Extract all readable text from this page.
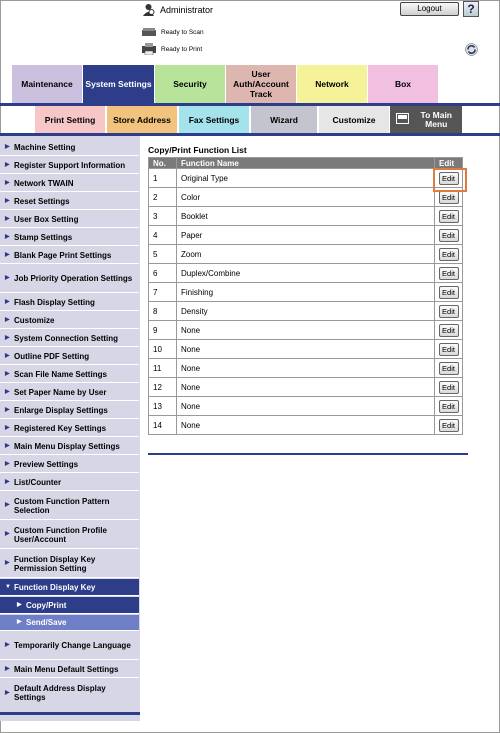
Administrator	Logout	?
Ready to Scan
Ready to Print
Maintenance System Settings	Security
User
Auth/Account
Track
Network	Box
Print Setting Store Address Fax Settings	Wizard	Customize	To Main
Menu
▶ Machine Setting
▶ Register Support Information
▶ Network TWAIN
▶ Reset Settings
▶ User Box Setting
▶ Stamp Settings
▶ Blank Page Print Settings
▶ Job Priority Operation Settings
▶ Flash Display Setting
▶ Customize
▶ System Connection Setting
▶ Outline PDF Setting
▶ Scan File Name Settings
▶ Set Paper Name by User
▶ Enlarge Display Settings
▶ Registered Key Settings
▶ Main Menu Display Settings
▶ Preview Settings
▶ List/Counter
▶ Custom Function Pattern Selection
▶ Custom Function Profile User/Account
▶ Function Display Key Permission Setting
▼ Function Display Key
▶ Copy/Print
▶ Send/Save
▶ Temporarily Change Language
▶ Main Menu Default Settings
▶ Default Address Display Settings
Copy/Print Function List
No.	Function Name	Edit
1	Original Type	Edit
2	Color	Edit
3	Booklet	Edit
4	Paper	Edit
5	Zoom	Edit
6	Duplex/Combine	Edit
7	Finishing	Edit
8	Density	Edit
9	None	Edit
10	None	Edit
11	None	Edit
12	None	Edit
13	None	Edit
14	None	Edit
